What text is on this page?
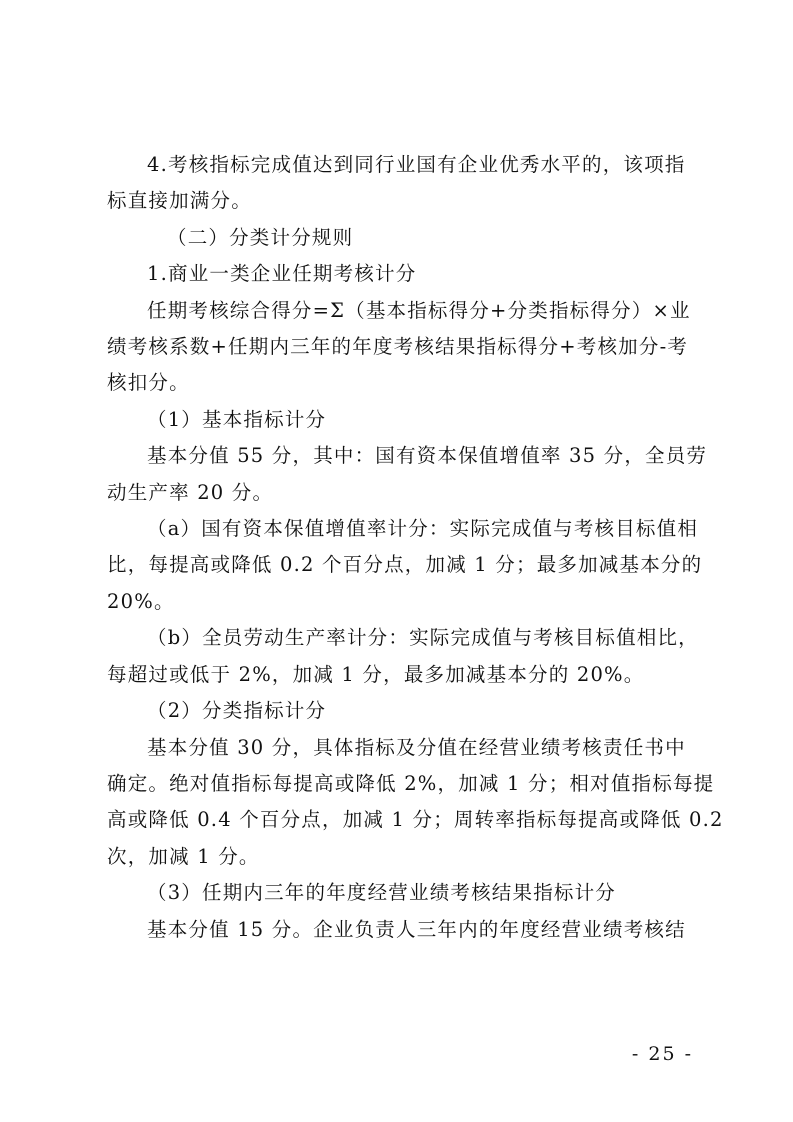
4.考核指标完成值达到同行业国有企业优秀水平的，该项指
标直接加满分。

（二）分类计分规则

1.商业一类企业任期考核计分

任期考核综合得分=Σ（基本指标得分+分类指标得分）×业
绩考核系数+任期内三年的年度考核结果指标得分+考核加分-考
核扣分。

（1）基本指标计分

基本分值 55 分，其中：国有资本保值增值率 35 分，全员劳
动生产率 20 分。

（a）国有资本保值增值率计分：实际完成值与考核目标值相
比，每提高或降低 0.2 个百分点，加减 1 分；最多加减基本分的
20%。

（b）全员劳动生产率计分：实际完成值与考核目标值相比，
每超过或低于 2%，加减 1 分，最多加减基本分的 20%。

（2）分类指标计分

基本分值 30 分，具体指标及分值在经营业绩考核责任书中
确定。绝对值指标每提高或降低 2%，加减 1 分；相对值指标每提
高或降低 0.4 个百分点，加减 1 分；周转率指标每提高或降低 0.2
次，加减 1 分。

（3）任期内三年的年度经营业绩考核结果指标计分

基本分值 15 分。企业负责人三年内的年度经营业绩考核结

- 25 -
